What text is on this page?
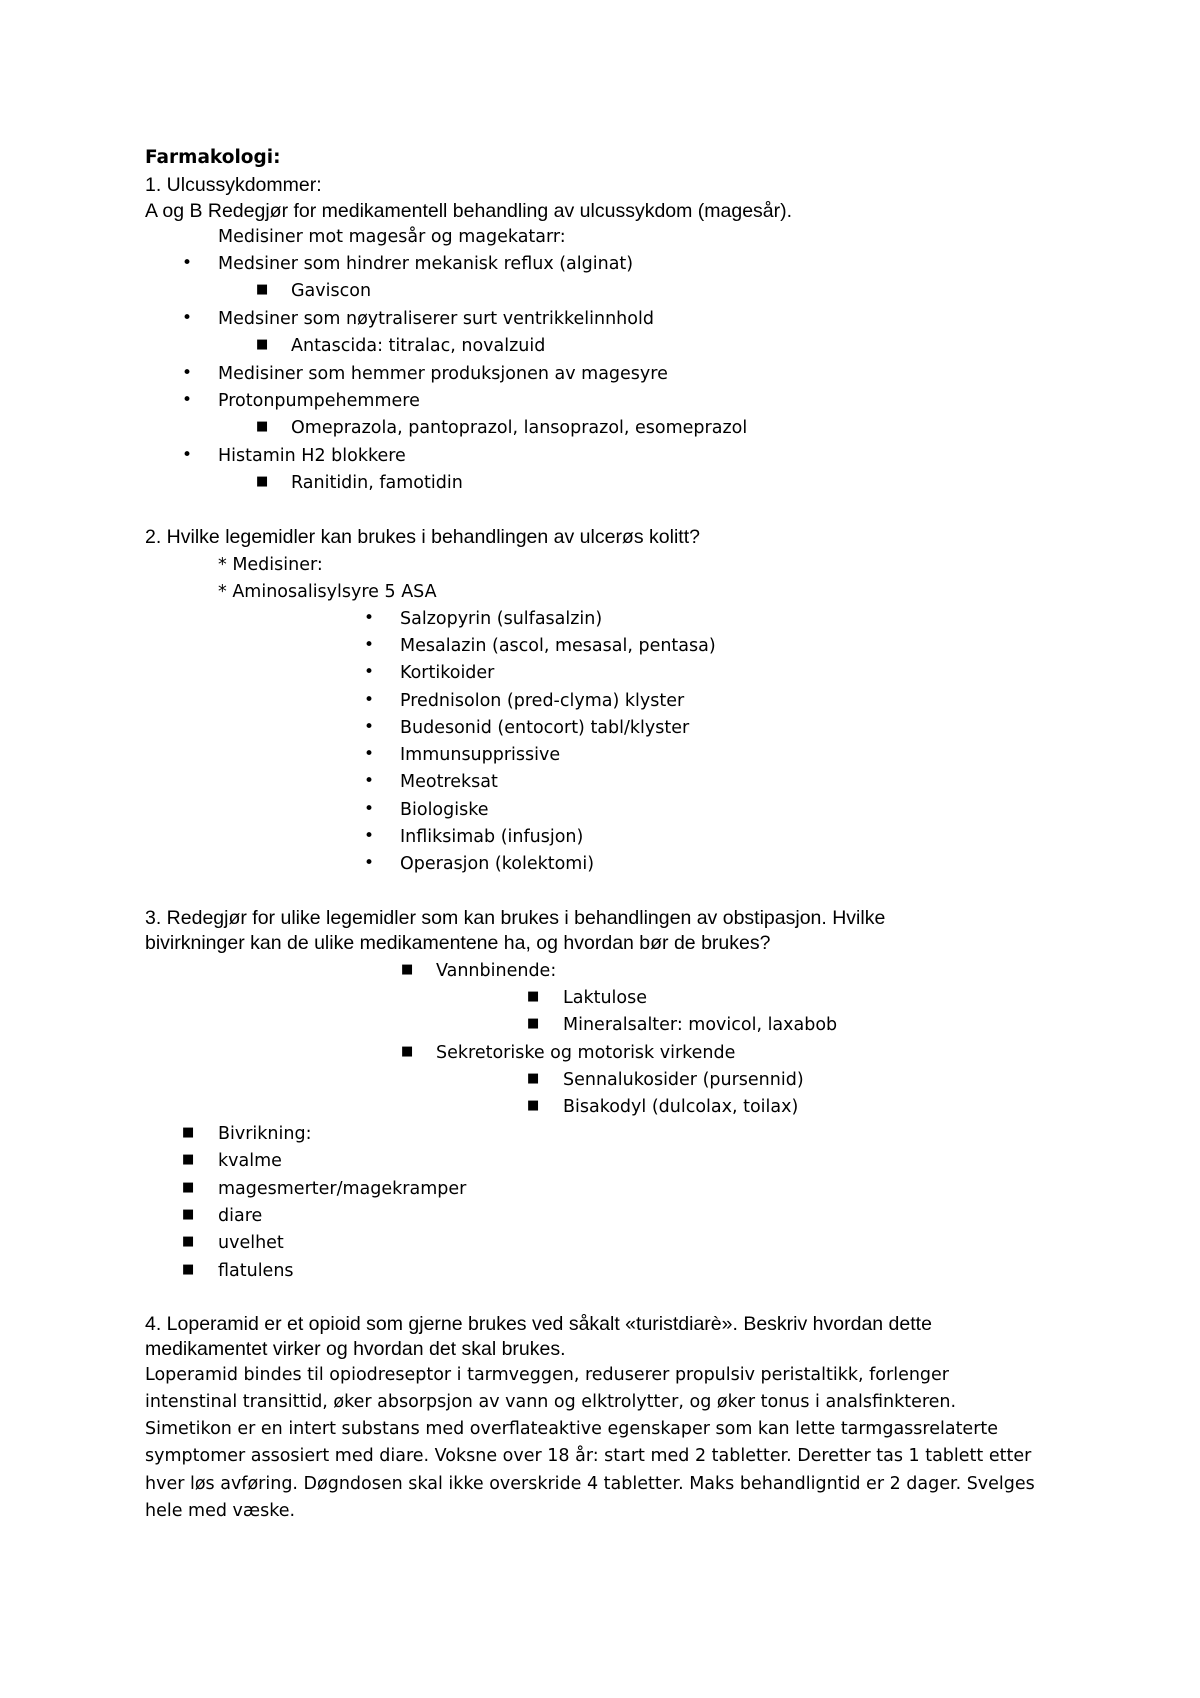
Farmakologi:
1. Ulcussykdommer:
A og B Redegjør for medikamentell behandling av ulcussykdom (magesår).
Medisiner mot magesår og magekatarr:
• Medsiner som hindrer mekanisk reflux (alginat)
■ Gaviscon
• Medsiner som nøytraliserer surt ventrikkelinnhold
■ Antascida: titralac, novalzuid
• Medisiner som hemmer produksjonen av magesyre
• Protonpumpehemmere
■ Omeprazola, pantoprazol, lansoprazol, esomeprazol
• Histamin H2 blokkere
■ Ranitidin, famotidin
2. Hvilke legemidler kan brukes i behandlingen av ulcerøs kolitt?
* Medisiner:
* Aminosalisylsyre 5 ASA
• Salzopyrin (sulfasalzin)
• Mesalazin (ascol, mesasal, pentasa)
• Kortikoider
• Prednisolon (pred-clyma) klyster
• Budesonid (entocort) tabl/klyster
• Immunsupprissive
• Meotreksat
• Biologiske
• Infliksimab (infusjon)
• Operasjon (kolektomi)
3. Redegjør for ulike legemidler som kan brukes i behandlingen av obstipasjon. Hvilke
bivirkninger kan de ulike medikamentene ha, og hvordan bør de brukes?
■ Vannbinende:
■ Laktulose
■ Mineralsalter: movicol, laxabob
■ Sekretoriske og motorisk virkende
■ Sennalukosider (pursennid)
■ Bisakodyl (dulcolax, toilax)
■ Bivrikning:
■ kvalme
■ magesmerter/magekramper
■ diare
■ uvelhet
■ flatulens
4. Loperamid er et opioid som gjerne brukes ved såkalt «turistdiarè». Beskriv hvordan dette
medikamentet virker og hvordan det skal brukes.
Loperamid bindes til opiodreseptor i tarmveggen, reduserer propulsiv peristaltikk, forlenger
intenstinal transittid, øker absorpsjon av vann og elktrolytter, og øker tonus i analsfinkteren.
Simetikon er en intert substans med overflateaktive egenskaper som kan lette tarmgassrelaterte
symptomer assosiert med diare. Voksne over 18 år: start med 2 tabletter. Deretter tas 1 tablett etter
hver løs avføring. Døgndosen skal ikke overskride 4 tabletter. Maks behandligntid er 2 dager. Svelges
hele med væske.
